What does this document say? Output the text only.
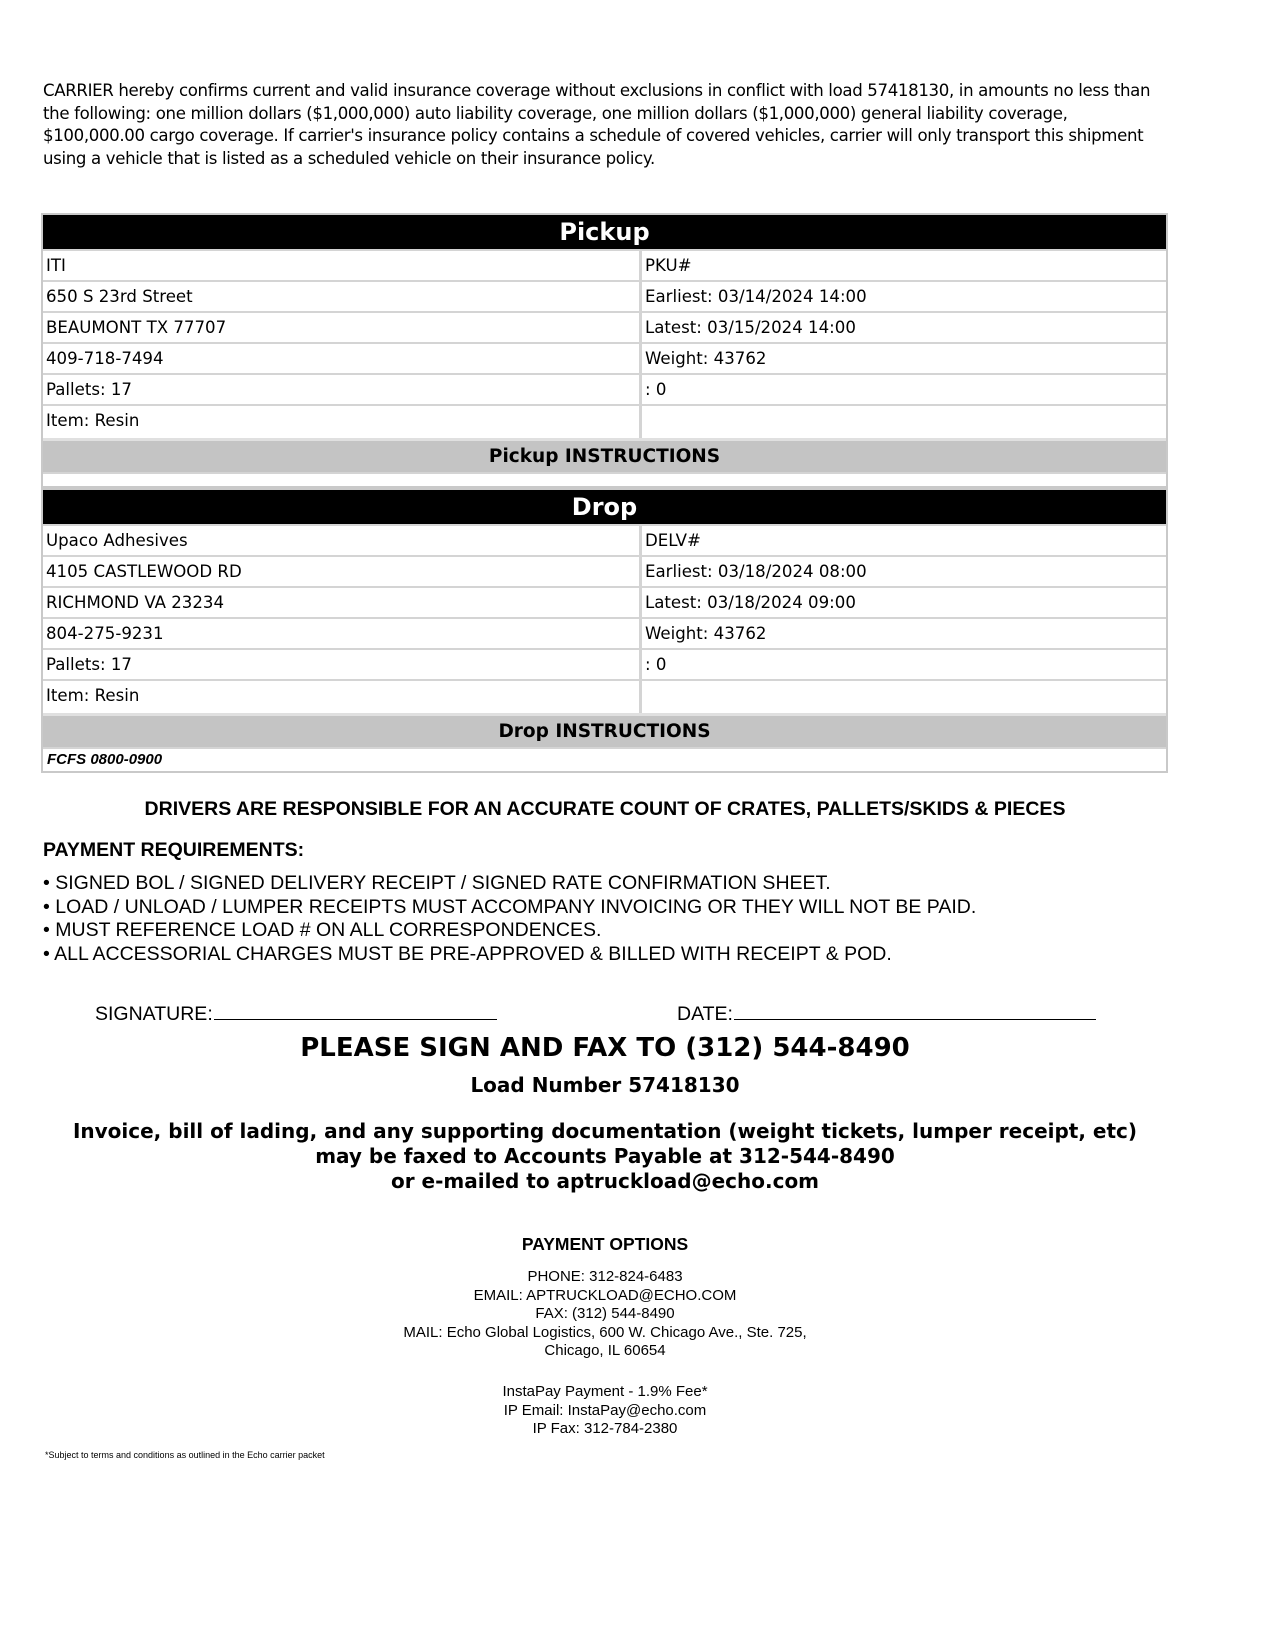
CARRIER hereby confirms current and valid insurance coverage without exclusions in conflict with load 57418130, in amounts no less than the following: one million dollars ($1,000,000) auto liability coverage, one million dollars ($1,000,000) general liability coverage, $100,000.00 cargo coverage. If carrier's insurance policy contains a schedule of covered vehicles, carrier will only transport this shipment using a vehicle that is listed as a scheduled vehicle on their insurance policy.
Pickup
ITI	PKU#
650 S 23rd Street	Earliest: 03/14/2024 14:00
BEAUMONT TX 77707	Latest: 03/15/2024 14:00
409-718-7494	Weight: 43762
Pallets: 17	: 0
Item: Resin
Pickup INSTRUCTIONS
Drop
Upaco Adhesives	DELV#
4105 CASTLEWOOD RD	Earliest: 03/18/2024 08:00
RICHMOND VA 23234	Latest: 03/18/2024 09:00
804-275-9231	Weight: 43762
Pallets: 17	: 0
Item: Resin
Drop INSTRUCTIONS
FCFS 0800-0900
DRIVERS ARE RESPONSIBLE FOR AN ACCURATE COUNT OF CRATES, PALLETS/SKIDS & PIECES
PAYMENT REQUIREMENTS:
• SIGNED BOL / SIGNED DELIVERY RECEIPT / SIGNED RATE CONFIRMATION SHEET.
• LOAD / UNLOAD / LUMPER RECEIPTS MUST ACCOMPANY INVOICING OR THEY WILL NOT BE PAID.
• MUST REFERENCE LOAD # ON ALL CORRESPONDENCES.
• ALL ACCESSORIAL CHARGES MUST BE PRE-APPROVED & BILLED WITH RECEIPT & POD.
SIGNATURE:	DATE:
PLEASE SIGN AND FAX TO (312) 544-8490
Load Number 57418130
Invoice, bill of lading, and any supporting documentation (weight tickets, lumper receipt, etc)
may be faxed to Accounts Payable at 312-544-8490
or e-mailed to aptruckload@echo.com
PAYMENT OPTIONS
PHONE: 312-824-6483
EMAIL: APTRUCKLOAD@ECHO.COM
FAX: (312) 544-8490
MAIL: Echo Global Logistics, 600 W. Chicago Ave., Ste. 725,
Chicago, IL 60654
InstaPay Payment - 1.9% Fee*
IP Email: InstaPay@echo.com
IP Fax: 312-784-2380
*Subject to terms and conditions as outlined in the Echo carrier packet
